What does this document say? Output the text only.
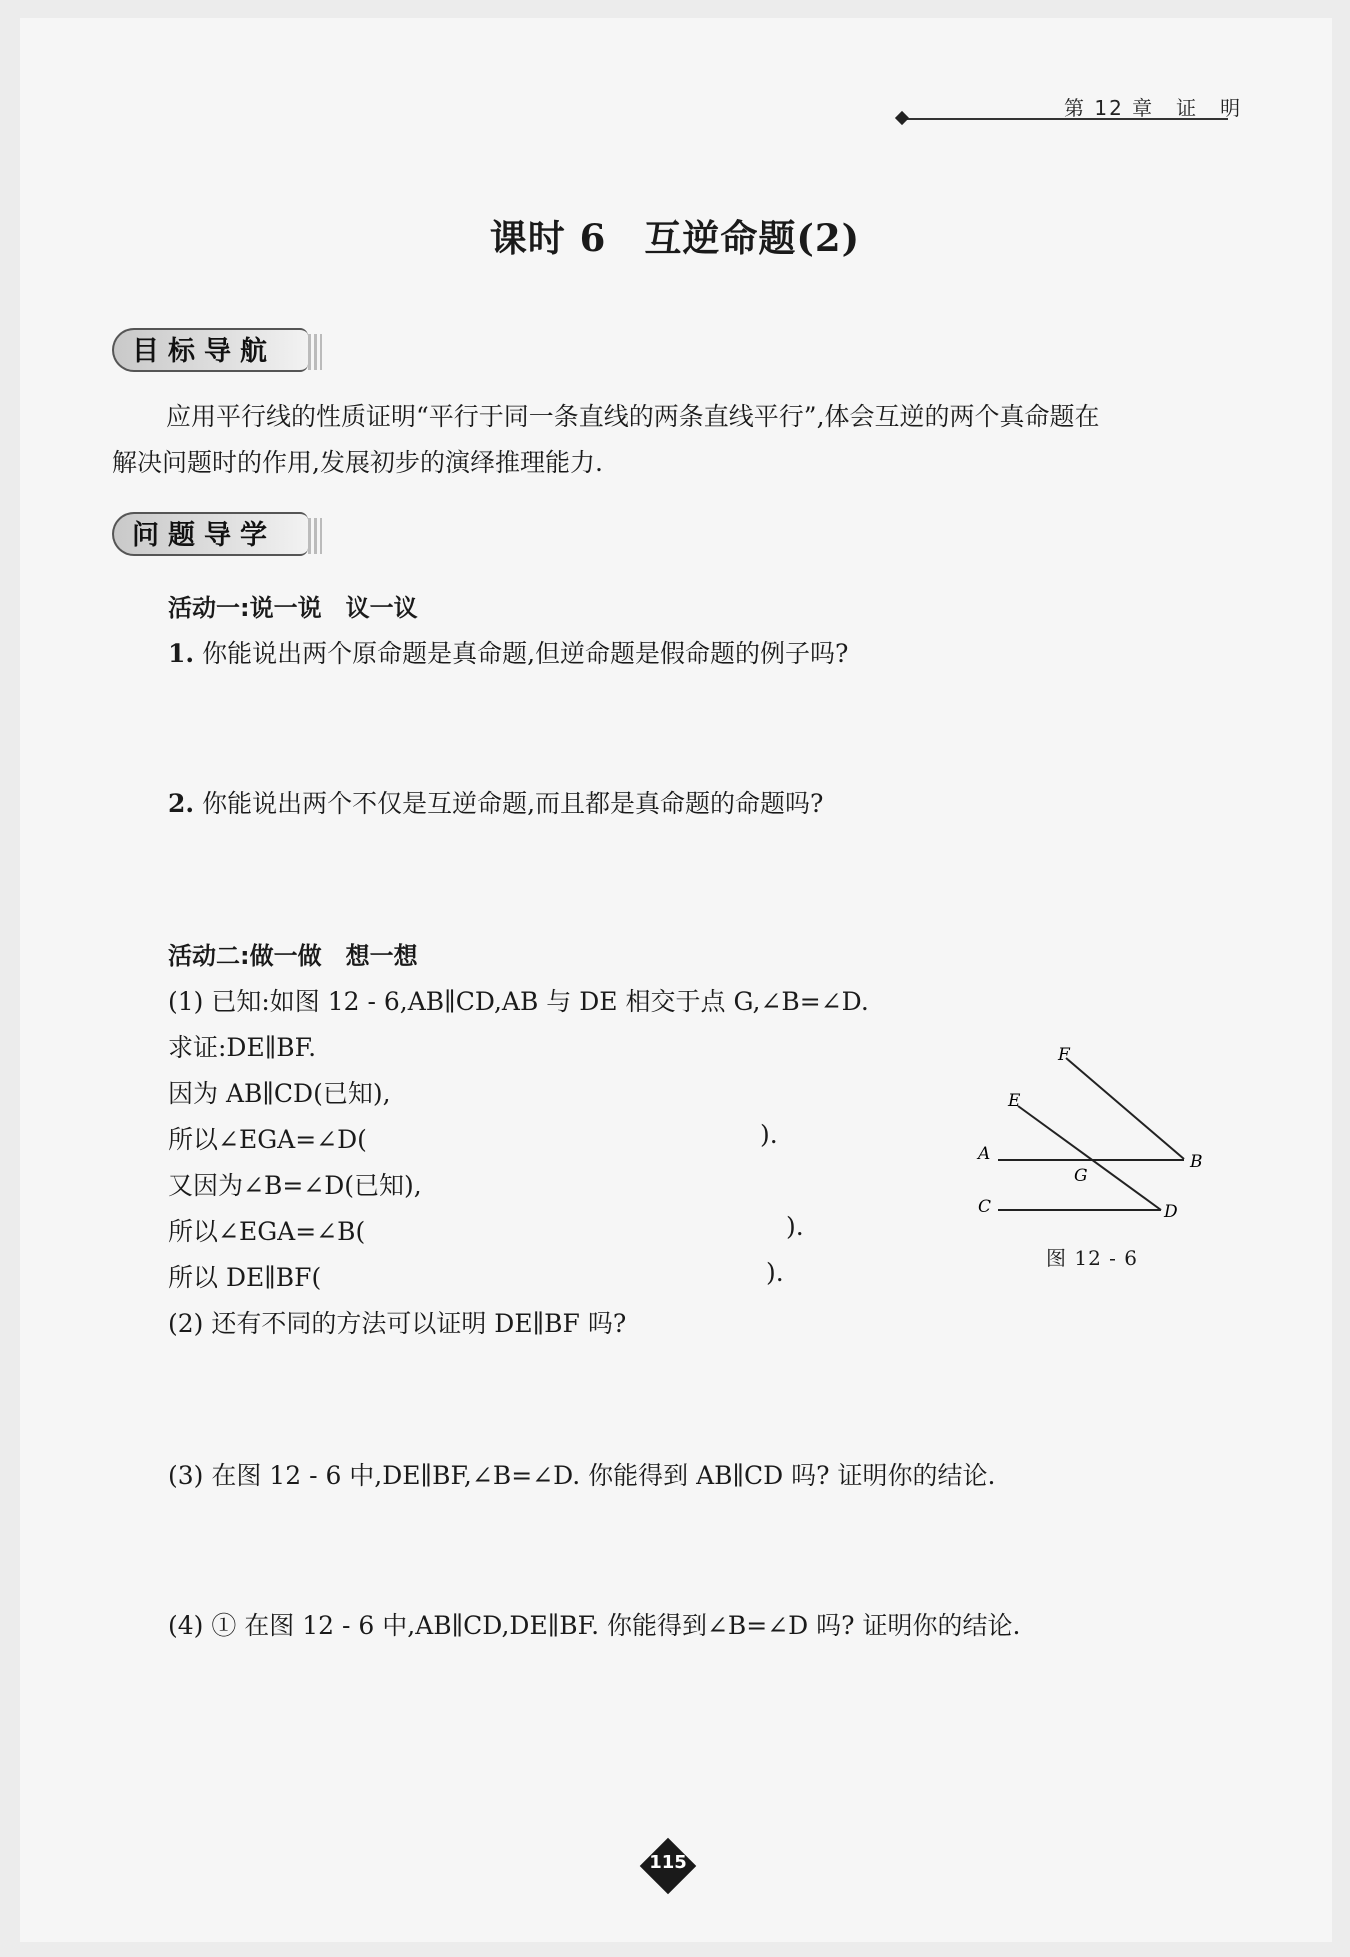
第 12 章　证　明
课时 6　互逆命题(2)
目标导航
应用平行线的性质证明“平行于同一条直线的两条直线平行”,体会互逆的两个真命题在
解决问题时的作用,发展初步的演绎推理能力.
问题导学
活动一:说一说　议一议
1. 你能说出两个原命题是真命题,但逆命题是假命题的例子吗?
2. 你能说出两个不仅是互逆命题,而且都是真命题的命题吗?
活动二:做一做　想一想
(1) 已知:如图 12 - 6,AB∥CD,AB 与 DE 相交于点 G,∠B=∠D.
求证:DE∥BF.
因为 AB∥CD(已知),
所以∠EGA=∠D(	).
又因为∠B=∠D(已知),
所以∠EGA=∠B(	).
所以 DE∥BF(	).
(2) 还有不同的方法可以证明 DE∥BF 吗?
(3) 在图 12 - 6 中,DE∥BF,∠B=∠D. 你能得到 AB∥CD 吗? 证明你的结论.
(4) ① 在图 12 - 6 中,AB∥CD,DE∥BF. 你能得到∠B=∠D 吗? 证明你的结论.
F
E
A	B
G
C	D
图 12 - 6
115
